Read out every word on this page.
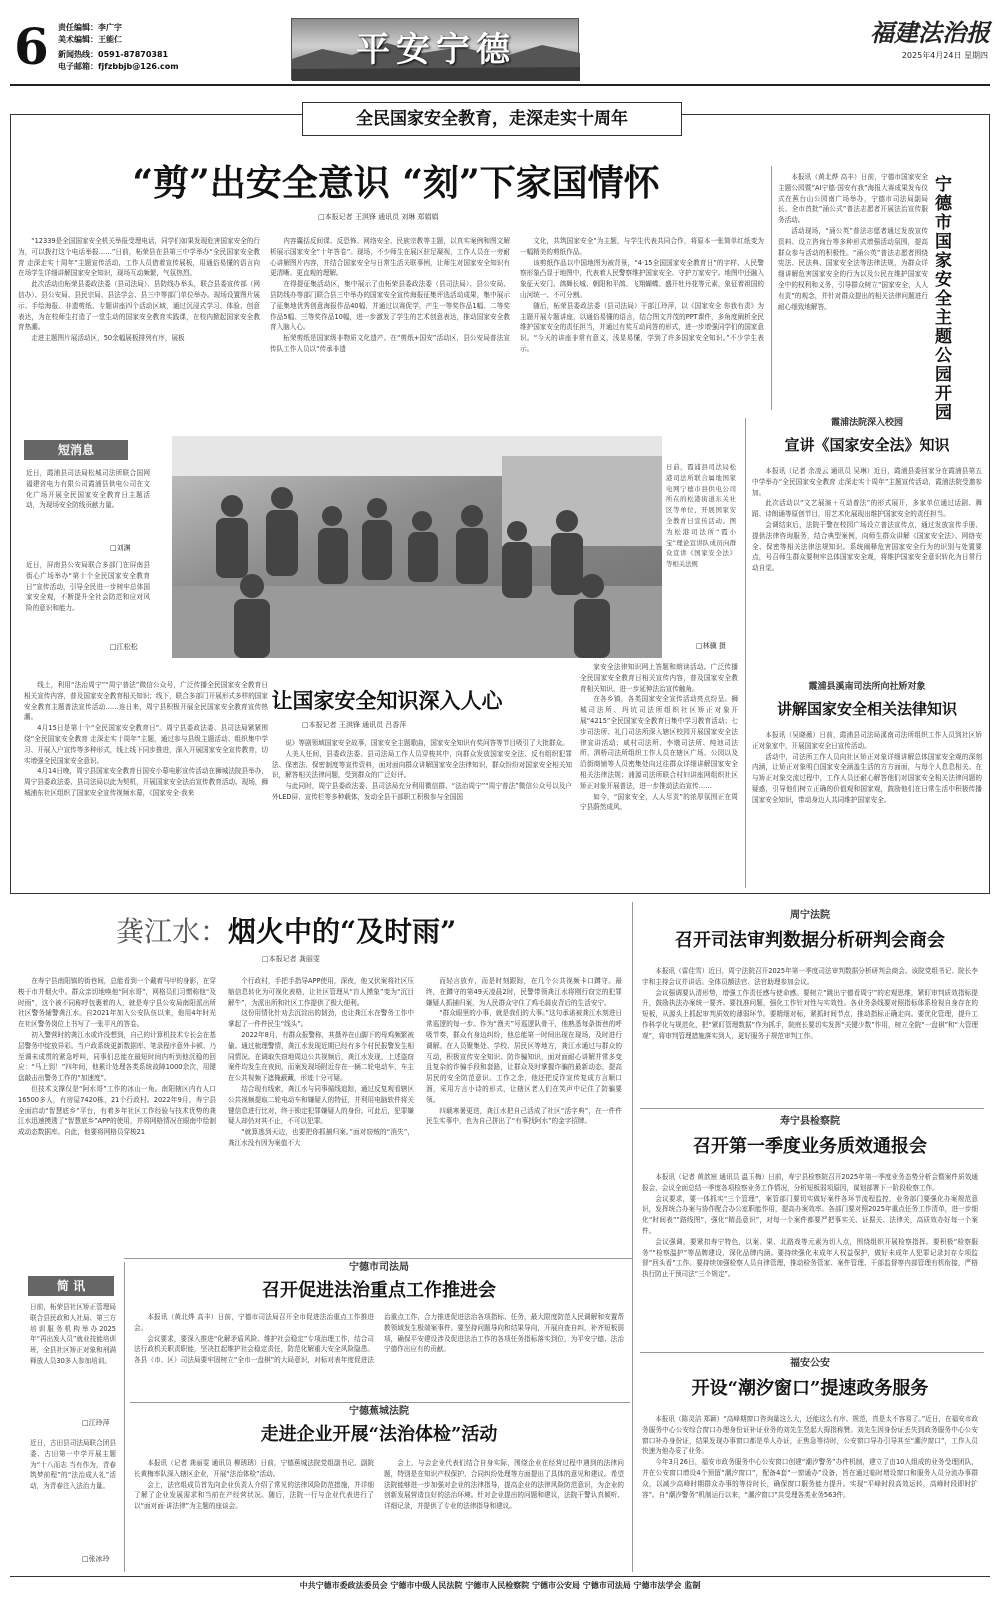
6	责任编辑：李广宇
美术编辑：王能仁
新闻热线：0591-87870381
电子邮箱：fjfzbbjb@126.com	平安宁德	福建法治报
2025年4月24日 星期四
全民国家安全教育，走深走实十周年
“剪”出安全意识 “刻”下家国情怀
□本报记者 王淇锋 通讯员 刘琳 郑娟娟
“12339是全国国家安全机关举报受理电话，同学们如果发现危害国家安全的行为，可以拨打这个电话举报……”日前，柘荣县在县第三中学举办“全民国家安全教育 走深走实十周年”主题宣传活动，工作人员借着宣传展板，用通俗易懂的语言向在场学生详细讲解国家安全知识，现场互动频繁，气氛热烈。
此次活动由柘荣县委政法委（县司法局）、县防线办举头，联合县委宣传部（网信办）、县公安局、县民宗局、县法学会、县三中等部门单位举办。现场设置图片展示、手绘海报、非遗剪纸、专题讲座四个活动区域，通过沉浸式学习、体验、创意表达，为在校师生打造了一堂生动的国家安全教育实践课，在校内掀起国家安全教育热潮。
走进主题图片展活动区，50余幅展板排列有序，展板
内容囊括反间谍、反恐怖、网络安全、民族宗教等主题，以真实案例和图文解析展示国家安全“十年答卷”。现场，不少师生在展区驻足凝视，工作人员在一旁耐心讲解图片内容，并结合国家安全与日常生活关联事例，让师生对国家安全知识有更清晰、更直观的理解。
在得提征集活动区，集中展示了由柘荣县委政法委（县司法局）、县公安局、县防线办等部门联合县三中举办的国家安全宣传海报征集评选活动成果，集中展示了征集地优秀创意海报作品40幅，并通过以赛促学，产生一等奖作品1幅、二等奖作品5幅、三等奖作品10幅，进一步激发了学生的艺术创意表达，推动国家安全教育入脑入心。
柘荣剪纸是国家级非物质文化遗产。在“剪纸+国安”活动区，县公安局普法宣传队工作人员以“传承非遗
文化，共筑国家安全”为主题，与学生代表共同合作，将原本一张简单红纸变为一幅精美的剪纸作品。
该剪纸作品以中国地图为被背景，“4·15全国国家安全教育日”的字样、人民警察形象凸显于地图中，代表着人民警察维护国家安全、守护万家安宁。地图中还融入象征天安门、鸽舞长城、朝阳和平鸽、飞翔蝴蝶、盛开牡丹花等元素，象征着祖国的山河统一、不可分割。
随后，柘荣县委政法委（县司法局）干部江玲萍，以《国家安全 你我有责》为主题开展专题讲座，以通俗易懂的语言，结合图文并茂的PPT课件，多角度阐析全民维护国家安全的责任担当，并通过有奖互动问答的形式，进一步增强同学们的国家意识。“今天的讲座非常有意义，浅显易懂，学到了许多国家安全知识。”不少学生表示。
本报讯（黄北烨 高丰）日前，宁德市国家安全主题公园暨“AI宁德·国安有我”海报大赛成果发布仪式在蕉台山公园南广场举办，宁德市司法局副局长、全市首批“涌公式”普法志愿者开展法治宣传服务活动。
活动现场，“涌公英”普法志愿者通过发放宣传资料、设立咨询台等多种形式增强活动氛围，提高群众参与活动的积极性。“涌公英”普法志愿者围绕宪法、民法典、国家安全法等法律法规，为群众详细讲解危害国家安全的行为以及公民在维护国家安全中的权利和义务，引导群众树立“国家安全，人人有责”的观念，并针对群众提出的相关法律问题进行耐心细致地解答。
宁德市国家安全主题公园开园
短消息
近日，霞浦县司法局松城司法所联合国网福建省电力有限公司霞浦县供电公司在文化广场开展全民国家安全教育日主题活动，为现场安全防线贡献力量。
□刘渊
近日，屏南县公安局联合多部门在屏南县街心广场举办“第十个全民国家安全教育日”宣传活动，引导全民进一步树牢总体国家安全观，不断提升全社会防范和应对风险的意识和能力。
□江松松
日前，霞浦县司法局松港司法所联合属地国家电网宁德市县供电公司所在的松港街道东关社区等单位，开展国家安全教育日宣传活动。图为松港司法所“霞小宝”理论宣讲队成员向群众宣讲《国家安全法》等相关法规
□林骥 摄
霞浦法院深入校园
宣讲《国家安全法》知识
本报讯（记者 余凌云 通讯员 吴琳）近日，霞浦县委回家分在霞浦县第五中学举办“全民国家安全教育 走深走实十周年”主题宣传活动，霞浦法院受邀参加。
此次活动以“文艺展演＋互动普法”的形式展开，多家单位通过话剧、舞蹈、诗朗诵等原创节目，用艺术化展现出维护国家安全的责任担当。
会调结束后，法院干警在校园广场设立普法宣传点，通过发放宣传手册、提供法律咨询服务，结合典型案例，向师生群众讲解《国家安全法》、网络安全、保密等相关法律法规知识。系统阐释危害国家安全行为的识别与处置要点，号召师生群众要树牢总体国家安全观，将维护国家安全意识转化为日常行动自觉。
霞浦县溪南司法所向社矫对象
讲解国家安全相关法律知识
本报讯（吴晓薇）日前，霞浦县司法局溪南司法所组织工作人员到社区矫正对象家中，开展国家安全日宣传活动。
活动中，司法所工作人员向社区矫正对象详细讲解总体国家安全观的深刻内涵，让矫正对象明白国家安全涵盖生活的方方面面，与每个人息息相关。在与矫正对象交流过程中，工作人员还耐心解答他们对国家安全相关法律问题的疑惑，引导他们树立正确的价值观和国家观，鼓励他们在日常生活中积极传播国家安全知识，带动身边人共同维护国家安全。
线上，利用“法治周宁”“周宁普法”微信公众号，广泛传播全民国家安全教育日相关宣传内容，普及国家安全教育相关知识；线下，联合多部门开展形式多样的国家安全教育主题普法宣传活动……连日来，周宁县积极开展全民国家安全教育宣传热潮。
4月15日是第十个“全民国家安全教育日”。周宁县委政法委、县司法局紧紧围绕“全民国家安全教育 走深走实十周年”主题，通过参与县级主题活动、组织集中学习、开展入户宣传等多种形式，线上线下同步推进，深入开展国家安全宣传教育，切实增强全民国家安全意识。
4月14日晚，周宁县国家安全教育日国安小幕电影宣传活动在狮城法院县举办，周宁县委政法委、县司法局以此为契机，开展国家安全法治宣传教育活动。现场，狮城浦东社区组织了国家安全宣传视频水幕，《国家安全·我来
让国家安全知识深入人心
□本报记者 王淇锋 通讯员 吕香萍
说》等剧领域国家安全故事，国家安全主题歌曲，国家安全知识有奖问答等节目吸引了大批群众。
人美人任间，县委政法委、县司法局工作人员穿梭其中，向群众发放国家安全法、反有组织犯罪法、保密法、保密制度等宣传资料，面对面向群众讲解国家安全法律知识，群众纷纷对国家安全相关知识，解答相关法律问题，受到群众的广泛好评。
与此同时，周宁县委政法委、县司法局充分利用微信群、“法治周宁”“周宁普法”微信公众号以及户外LED屏、宣传栏等多种载体，发动全县干部职工积极参与全国国
家安全法律知识网上答题和朗读活动。广泛传播全民国家安全教育日相关宣传内容，普及国家安全教育相关知识，进一步延伸法治宣传触角。
在各乡镇，各类国家安全宣传活动亮点纷呈。狮城司法所、玛坑司法所组织社区矫正对象开展“4215”全民国家安全教育日集中学习教育活动；七步司法所、礼门司法所深入辖区校园开展国家安全法律宣讲活动；咸村司法所、李墩司法所、纯池司法所、泗桥司法所组织工作人员在辖区广场、公园以及沿街商铺等人员密集处向过往群众详细讲解国家安全相关法律法规；浦源司法所联合村妇讲座网组织社区矫正对象开展普法，进一步推动法治宣传……
如今，“国家安全，人人尽责”的浓厚氛围正在周宁县蔚然成风。
龚江水：烟火中的“及时雨”
□本报记者 龚丽雯
在寿宁县南阳镇的街巷间，总能看到一个戴着马甲的身影，在穿梭于市井烟火中。群众亲切地唤他“阿水哥”，网格员们习惯称他“及时雨”，这个被不同称呼包裹着的人，就是寿宁县公安局南阳派出所社区警务辅警龚江水。自2021年加入公安队伍以来，他用4年时光在社区警务岗位上书写了一张平凡的答卷。
初入警营时的龚江水或许没想到，自己的计算机技术专长会在基层警务中绽放异彩。当户政系统更新数据库、笔录程序意外卡顿、乃至调未成贯的紧急呼叫，同事们总能在最短时间内听到他沉稳的回应：“马上到！”四年间，他累计处理各类系统故障1000余次，用键盘敲击出警务工作的“加速度”。
但技术支撑仅是“阿水哥”工作的冰山一角。南阳辖区内有人口16500多人，有房屋7420栋，21个行政村。2022年9月，寿宁县全面启动“智慧底乡”平台，有着多年社区工作经验与技术优势的龚江水迅速摸透了“智慧底乡”APP的使用，并将网格情况在眼南中绘制成动态数据库。自此，他要将网格员穿梭21
个行政村，手把手指导APP使用，深夜，他又伏案将社区压缩信息转化为可视化表格，让社区管理从“盲人摸象”变为“沉目解牛”，为派出所和社区工作提供了极大便利。
这份用情化针劝去沉淀出的韧劲，也让龚江水在警务工作中掌起了一件件民生“线头”。
2022年8月，有群众报警称，其摄养在山脚下的母鸡频繁被偷。通过梳理警情，龚江水发现近期已经有多个村民报警发生相同情况。在调取失窃地周边公共视频后，龚江水发现，上述盗窃案件均发生在夜间，而案发现场附近存在一辆二轮电动车，车主在公共视频下遮掩蔽藏，形迹十分可疑。
结合现有线索，龚江水与同事循线追踪，通过反复观看辖区公共视频提取二轮电动车和嫌疑人的特征，并利用电脑软件将关键信息进行比对，终于锁定犯罪嫌疑人的身份。可此后，犯罪嫌疑人却仍对其不止，不可以犯罪。
“就算逃到天边，也要把你抓捕归案。”面对窃贼的“消失”，龚江水没有因为案值不大
而轻言放弃，而是时刻跟踪，在几个公共视频卡口蹲守。最终，在蹲守的第49天凌晨2时，民警带领龚江水将刚行窃完的犯罪嫌疑人抓捕归案，为人民群众守住了鸡毛蒜皮背后的生活安宁。
“群众眼里的小事，就是我们的大事。”这句承诺被龚江水刻进日常巡逻的每一步。作为“渔夫”号巡逻队骨干，他熟悉每条街巷的呼吸节奏，群众有身边纠纷，他总能第一时间出现在现场，及时进行调解。在人员聚集处、学校、居民区等地方，龚江水通过与群众的互动，积极宣传安全知识、防诈骗知识，面对面耐心讲解并常多变且复杂的诈骗手段和套路，让群众及时掌握诈骗的最新动态，提高居民的安全防范意识。工作之余，他还把反诈宣传复成方言顺口溜，采用方言小诗的形式，让辖区老人们在笑声中记住了防骗要领。
四载寒暑更迭，龚江水把自己活成了社区“活字典”，在一件件民生实事中，也为自己拼出了“有事找阿水”的金字招牌。
周宁法院
召开司法审判数据分析研判会商会
本报讯（雷佳雪）近日，周宁法院召开2025年第一季度司法审判数据分析研判会商会。该院党组书记、院长李宇和主持会议并讲话。全体员额法官、法官助理参加会议。
会议强调要认清形势，增强工作责任感与使命感。要树立“跳出宁德看周宁”的宏观思维，紧盯审判质效指标提升，鼓励执法办案统一要齐。要找准问题，强化工作针对性与实效性。各业务条线要对照指标体系检视自身存在的短板，从源头上抓起审判质效的薄弱环节。要精细对标，紧抓时间节点，推动指标正确走向。要优化管理，提升工作科学化与规范化，把“紧盯管理数据”作为抓手，院庭长要切实发挥“关键少数”作用，树立全院“一盘棋”和“大管理观”，将审判管理措施落实到人，更好服务于规范审判工作。
寿宁县检察院
召开第一季度业务质效通报会
本报讯（记者 黄歆宸 通讯员 温玉梅）日前，寿宁县检察院召开2025年第一季度业务态势分析会暨案件质效通报会，会议全面总结一季度各项检察业务工作情况，分析短板弱项原因，谋划部署下一阶段检察工作。
会议要求，要一体抓实“三个管理”，案管部门要切实做好案件各环节流程监控，业务部门要强化办案规范意识，发挥统合办案与协作配合办公室职能作用，提高办案效率。各部门要对照2025年重点任务工作清单，进一步细化“时间表”“路线图”，强化“精品意识”，对每一个案件都要严把事实关、证据关、法律关，高质效办好每一个案件。
会议强调，要紧扣寿宁特色，以案、果、北路戏等元素为切入点，围绕组织开展检察指挥。要积极“检察服务”“检察温护”等品牌建设，深化品牌内涵。要持续强化未成年人权益保护，做好未成年人犯罪记录封存专项监督“回头看”工作。要持续加强检察人员自律管理，推动检务管家、案件管理、干部监督等内部管理有机衔接，严格执行防止干预司法“三个规定”。
福安公安
开设“潮汐窗口”提速政务服务
本报讯（陈灵洁 郑颖）“高峰期窗口咨询量这么大，还能这么有序、规范，真是太不容易了。”近日，在福安市政务服务中心公安综合窗口办理身份证补证业务的刘先生竖起大拇指称赞。刘先生因身份证丢失到政务服务中心公安窗口补办身份证，结果发现办事窗口都是单人办证，正焦急等待时，公安窗口导办引导其至“潮汐窗口”，工作人员快速为他办妥了业务。
今年3月26日，福安市政务服务中心公安窗口创建“潮汐警务”办件机制，建立了由10人组成的业务受理团队，并在公安窗口增设4个预留“潮汐窗口”，配备4套“一窗通办”设备，旨在通过临时增设窗口和服务人员分流办事群众，以减少高峰时期群众办事的等待时长，确保窗口服务能力提升。实现“平峰时段高效运转，高峰时段即时扩容”。自“潮汐警务”机制运行以来，“潮汐窗口”共受理各类业务563件。
简 讯
日前，柘荣县社区矫正管理局联合县民政和人社局、第三方培训服务机构举办2025年“再出发人员”就业技能培训班，全县社区矫正对象和刑满释放人员30多人参加培训。
□江玲萍
近日，古田县司法局联合团县委、古田第一中学开展主题为“十八而志 当有作为，青春筑梦前程”的“法治成人礼”活动，为青春注入法治力量。
□张冰玲
宁德市司法局
召开促进法治重点工作推进会
本报讯（黄北烨 高丰）日前，宁德市司法局召开全市促进法治重点工作推进会。
会议要求，要深入推进“化解矛盾风险、维护社会稳定”专项治理工作，结合司法行政机关职责职能，坚决扛起维护社会稳定责任，防范化解重大安全风险隐患。各县（市、区）司法局要牢固树立“全市一盘棋”的大局意识，对标对表年度促进法治重点工作，合力推进促进法治各项指标、任务，最大限度防范人民调解和安置帮教领域发生极端案事件。要坚持问题导向和结果导向，开展自查自纠，补齐短板弱项，确保平安建设涉及促进法治工作的各项任务指标落实到位，为平安宁德、法治宁德作出应有的贡献。
宁德蕉城法院
走进企业开展“法治体检”活动
本报讯（记者 龚丽雯 通讯员 柳琇琇）日前，宁德蕉城法院党组副书记、副院长黄梅率队深入辖区企业，开展“法治体检”活动。
会上，法官组成员首先向企业负责人介绍了常见的法律风险防范措施，并详细了解了企业发展需求和当前在产经营状况。随后，法院一行与企业代表进行了以“面对面·讲法律”为主题的座谈会。
会上，与会企业代表们结合自身实际，围绕企业在经营过程中遇到的法律问题，特别是在知识产权保护、合同纠纷处理等方面提出了具体的意见和建议。希望法院能够进一步加强对企业的法律指导，提高企业的法律风险防范意识，为企业的创新发展营造良好的法治环境。针对企业提出的问题和建议，法院干警认真倾听、详细记录，并提供了专业的法律指导和建议。
中共宁德市委政法委员会 宁德市中级人民法院 宁德市人民检察院 宁德市公安局 宁德市司法局 宁德市法学会 监制
